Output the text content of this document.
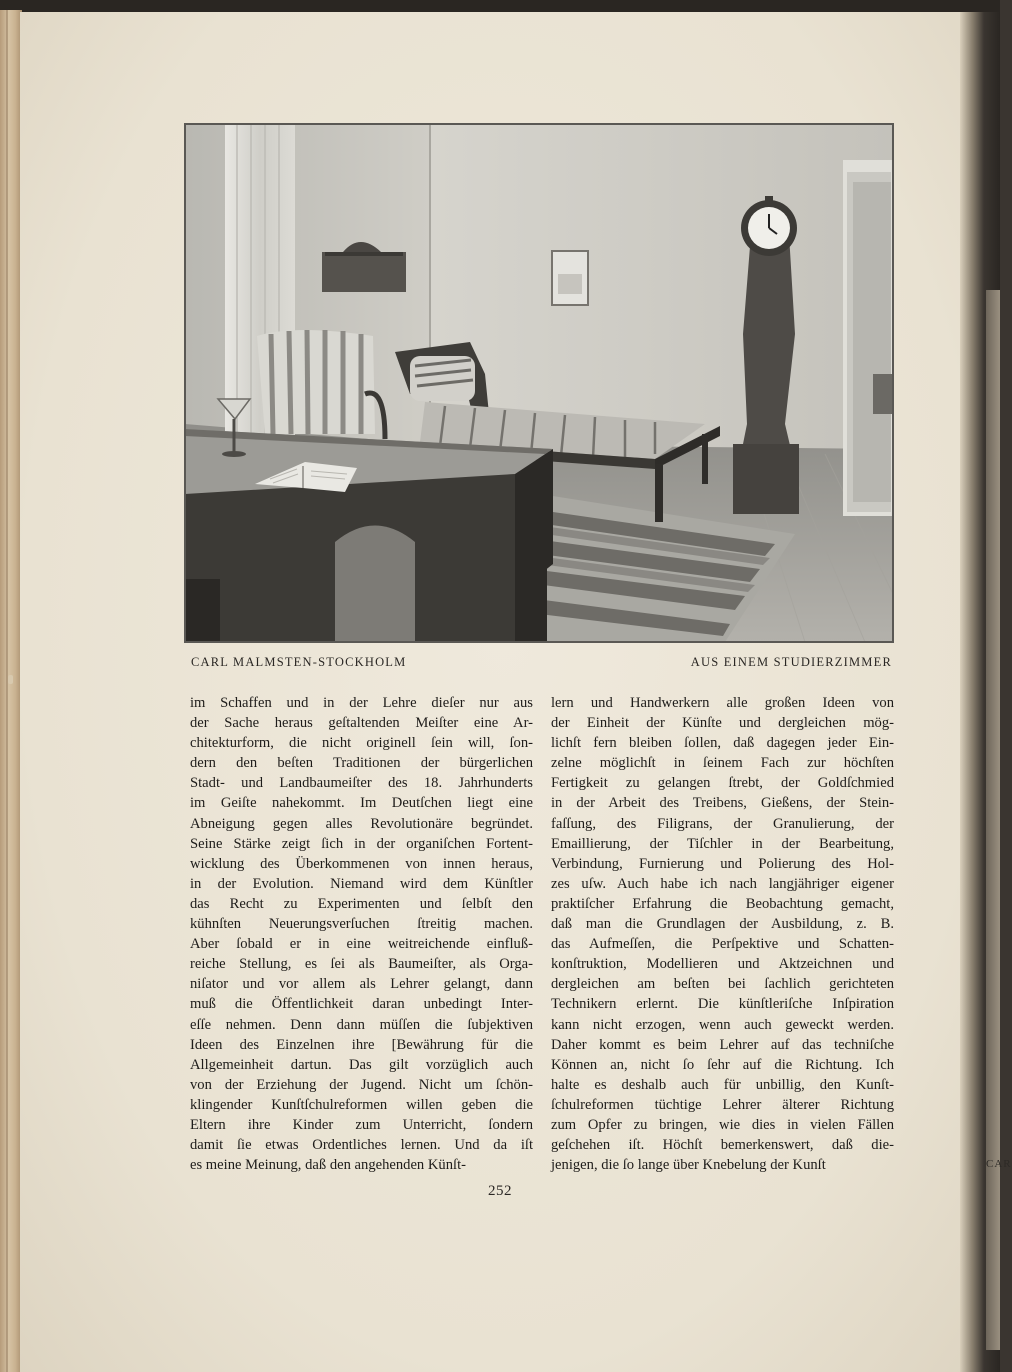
CAR
CARL MALMSTEN-STOCKHOLM	AUS EINEM STUDIERZIMMER
im Schaffen und in der Lehre dieſer nur aus
der Sache heraus geſtaltenden Meiſter eine Ar-
chitekturform, die nicht originell ſein will, ſon-
dern den beſten Traditionen der bürgerlichen
Stadt- und Landbaumeiſter des 18. Jahrhunderts
im Geiſte nahekommt. Im Deutſchen liegt eine
Abneigung gegen alles Revolutionäre begründet.
Seine Stärke zeigt ſich in der organiſchen Fortent-
wicklung des Überkommenen von innen heraus,
in der Evolution. Niemand wird dem Künſtler
das Recht zu Experimenten und ſelbſt den
kühnſten Neuerungsverſuchen ſtreitig machen.
Aber ſobald er in eine weitreichende einfluß-
reiche Stellung, es ſei als Baumeiſter, als Orga-
niſator und vor allem als Lehrer gelangt, dann
muß die Öffentlichkeit daran unbedingt Inter-
eſſe nehmen. Denn dann müſſen die ſubjektiven
Ideen des Einzelnen ihre [Bewährung für die
Allgemeinheit dartun. Das gilt vorzüglich auch
von der Erziehung der Jugend. Nicht um ſchön-
klingender Kunſtſchulreformen willen geben die
Eltern ihre Kinder zum Unterricht, ſondern
damit ſie etwas Ordentliches lernen. Und da iſt
es meine Meinung, daß den angehenden Künſt-
lern und Handwerkern alle großen Ideen von
der Einheit der Künſte und dergleichen mög-
lichſt fern bleiben ſollen, daß dagegen jeder Ein-
zelne möglichſt in ſeinem Fach zur höchſten
Fertigkeit zu gelangen ſtrebt, der Goldſchmied
in der Arbeit des Treibens, Gießens, der Stein-
faſſung, des Filigrans, der Granulierung, der
Emaillierung, der Tiſchler in der Bearbeitung,
Verbindung, Furnierung und Polierung des Hol-
zes uſw. Auch habe ich nach langjähriger eigener
praktiſcher Erfahrung die Beobachtung gemacht,
daß man die Grundlagen der Ausbildung, z. B.
das Aufmeſſen, die Perſpektive und Schatten-
konſtruktion, Modellieren und Aktzeichnen und
dergleichen am beſten bei ſachlich gerichteten
Technikern erlernt. Die künſtleriſche Inſpiration
kann nicht erzogen, wenn auch geweckt werden.
Daher kommt es beim Lehrer auf das techniſche
Können an, nicht ſo ſehr auf die Richtung. Ich
halte es deshalb auch für unbillig, den Kunſt-
ſchulreformen tüchtige Lehrer älterer Richtung
zum Opfer zu bringen, wie dies in vielen Fällen
geſchehen iſt. Höchſt bemerkenswert, daß die-
jenigen, die ſo lange über Knebelung der Kunſt
252
